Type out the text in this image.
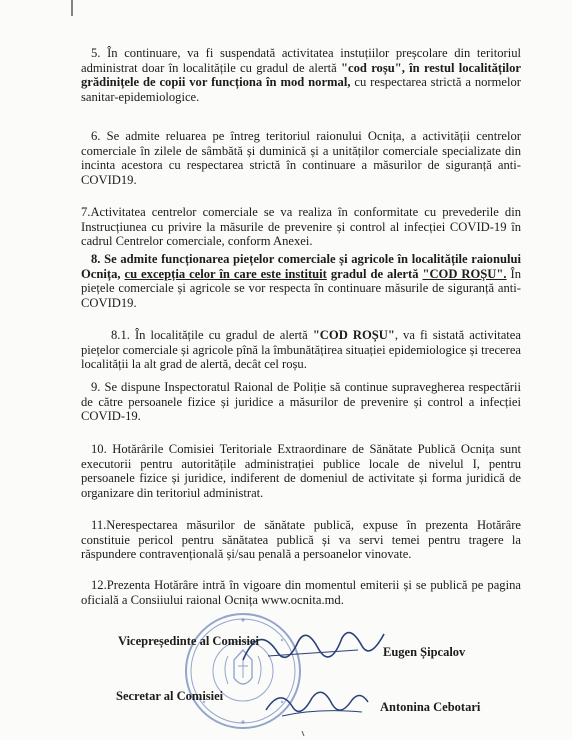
5. În continuare, va fi suspendată activitatea instuțiilor preșcolare din teritoriul administrat doar în localitățile cu gradul de alertă "cod roșu", în restul localităților grădinițele de copii vor funcționa în mod normal, cu respectarea strictă a normelor sanitar-epidemiologice.

6. Se admite reluarea pe întreg teritoriul raionului Ocnița, a activității centrelor comerciale în zilele de sâmbătă și duminică și a unităților comerciale specializate din incinta acestora cu respectarea strictă în continuare a măsurilor de siguranță anti-COVID19.

7.Activitatea centrelor comerciale se va realiza în conformitate cu prevederile din Instrucțiunea cu privire la măsurile de prevenire și control al infecției COVID-19 în cadrul Centrelor comerciale, conform Anexei.

8. Se admite funcționarea piețelor comerciale și agricole în localitățile raionului Ocnița, cu excepția celor în care este instituit gradul de alertă "COD ROȘU". În piețele comerciale și agricole se vor respecta în continuare măsurile de siguranță anti-COVID19.

8.1. În localitățile cu gradul de alertă "COD ROȘU", va fi sistată activitatea piețelor comerciale și agricole pînă la îmbunătățirea situației epidemiologice și trecerea localității la alt grad de alertă, decât cel roșu.

9. Se dispune Inspectoratul Raional de Poliție să continue supravegherea respectării de către persoanele fizice și juridice a măsurilor de prevenire și control a infecției COVID-19.

10. Hotărârile Comisiei Teritoriale Extraordinare de Sănătate Publică Ocnița sunt executorii pentru autoritățile administrației publice locale de nivelul I, pentru persoanele fizice și juridice, indiferent de domeniul de activitate și forma juridică de organizare din teritoriul administrat.

11.Nerespectarea măsurilor de sănătate publică, expuse în prezenta Hotărâre constituie pericol pentru sănătatea publică și va servi temei pentru tragere la răspundere contravențională și/sau penală a persoanelor vinovate.

12.Prezenta Hotărâre intră în vigoare din momentul emiterii și se publică pe pagina oficială a Consiiului raional Ocnița www.ocnita.md.

Vicepreședinte al Comisiei

Eugen Șipcalov

Secretar al Comisiei

Antonina Cebotari
